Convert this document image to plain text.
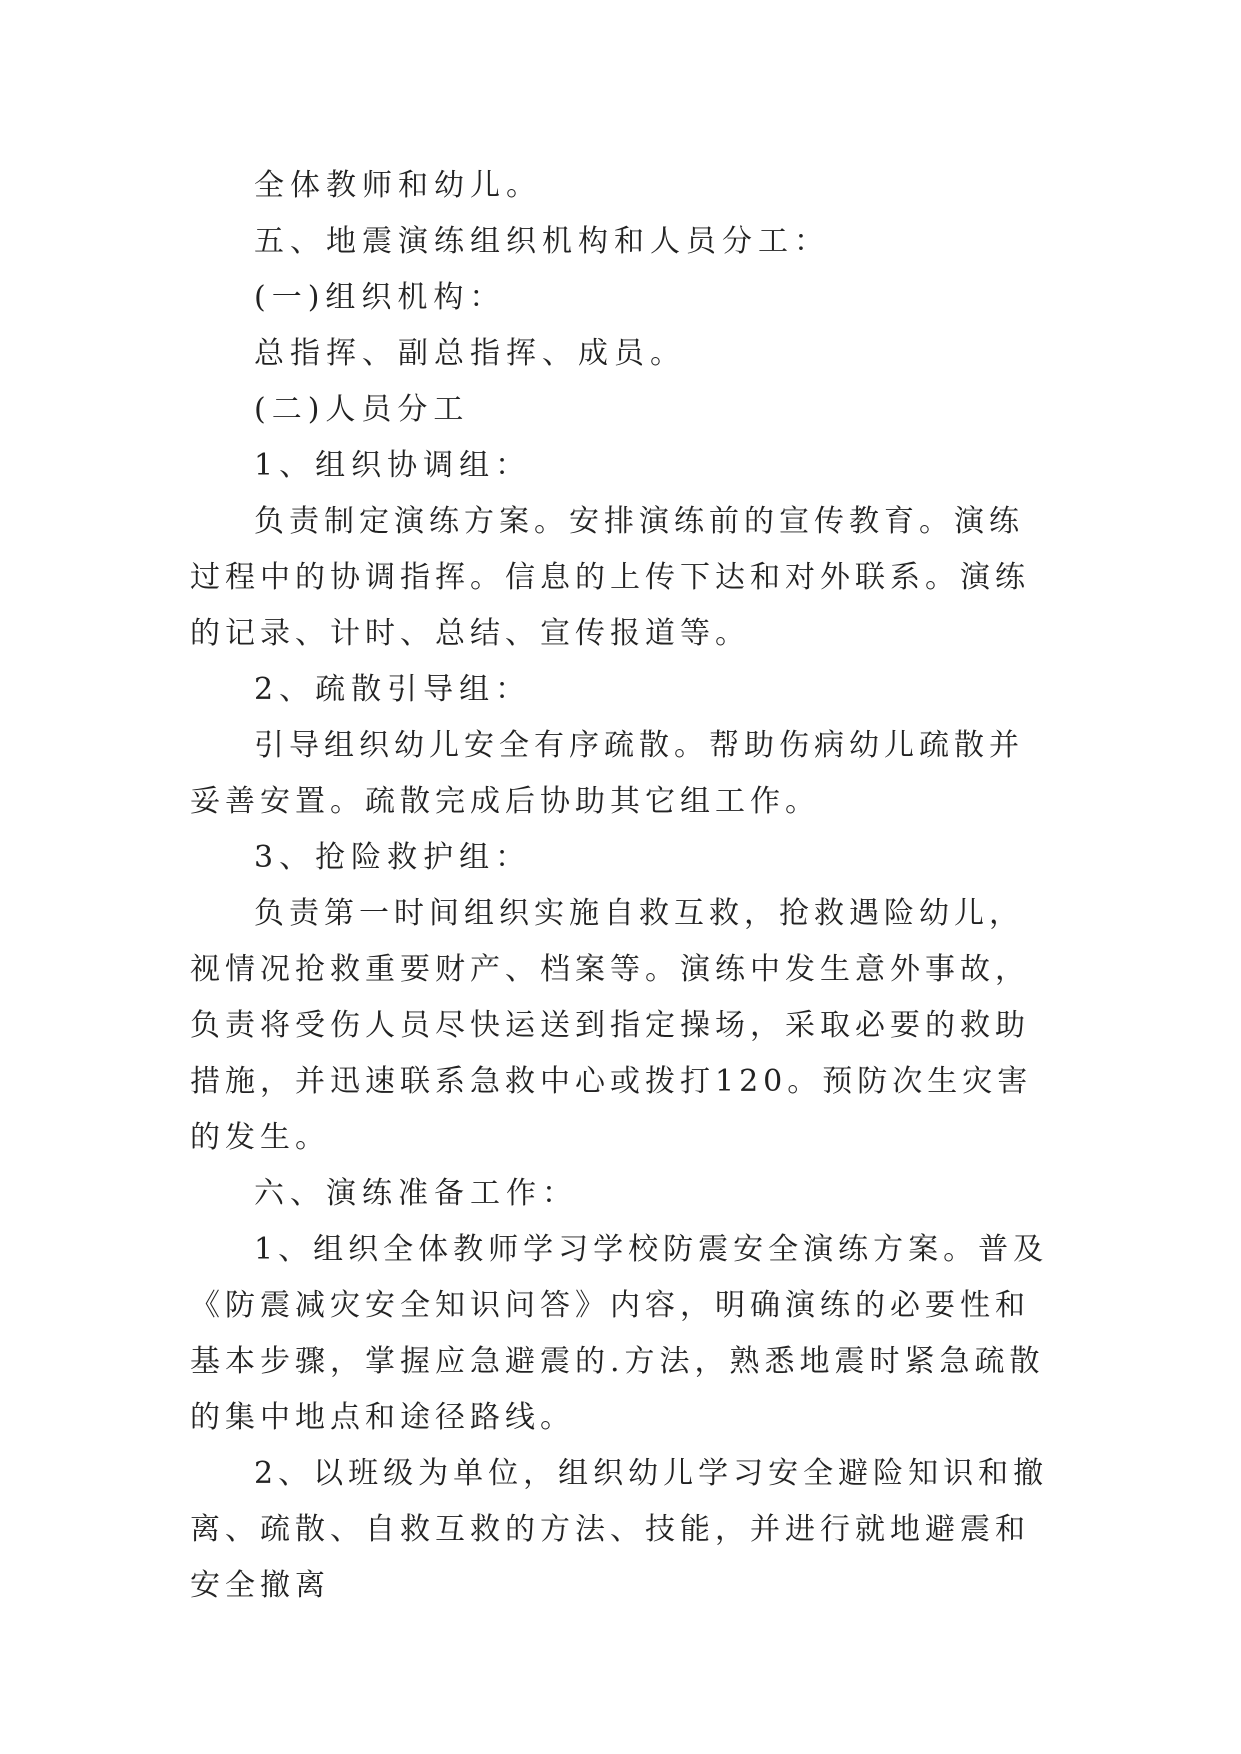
全体教师和幼儿。

五、地震演练组织机构和人员分工：

(一)组织机构：

总指挥、副总指挥、成员。

(二)人员分工

1、组织协调组：

负责制定演练方案。安排演练前的宣传教育。演练过程中的协调指挥。信息的上传下达和对外联系。演练的记录、计时、总结、宣传报道等。

2、疏散引导组：

引导组织幼儿安全有序疏散。帮助伤病幼儿疏散并妥善安置。疏散完成后协助其它组工作。

3、抢险救护组：

负责第一时间组织实施自救互救，抢救遇险幼儿，视情况抢救重要财产、档案等。演练中发生意外事故，负责将受伤人员尽快运送到指定操场，采取必要的救助措施，并迅速联系急救中心或拨打120。预防次生灾害的发生。

六、演练准备工作：

1、组织全体教师学习学校防震安全演练方案。普及《防震减灾安全知识问答》内容，明确演练的必要性和基本步骤，掌握应急避震的.方法，熟悉地震时紧急疏散的集中地点和途径路线。

2、以班级为单位，组织幼儿学习安全避险知识和撤离、疏散、自救互救的方法、技能，并进行就地避震和安全撤离
